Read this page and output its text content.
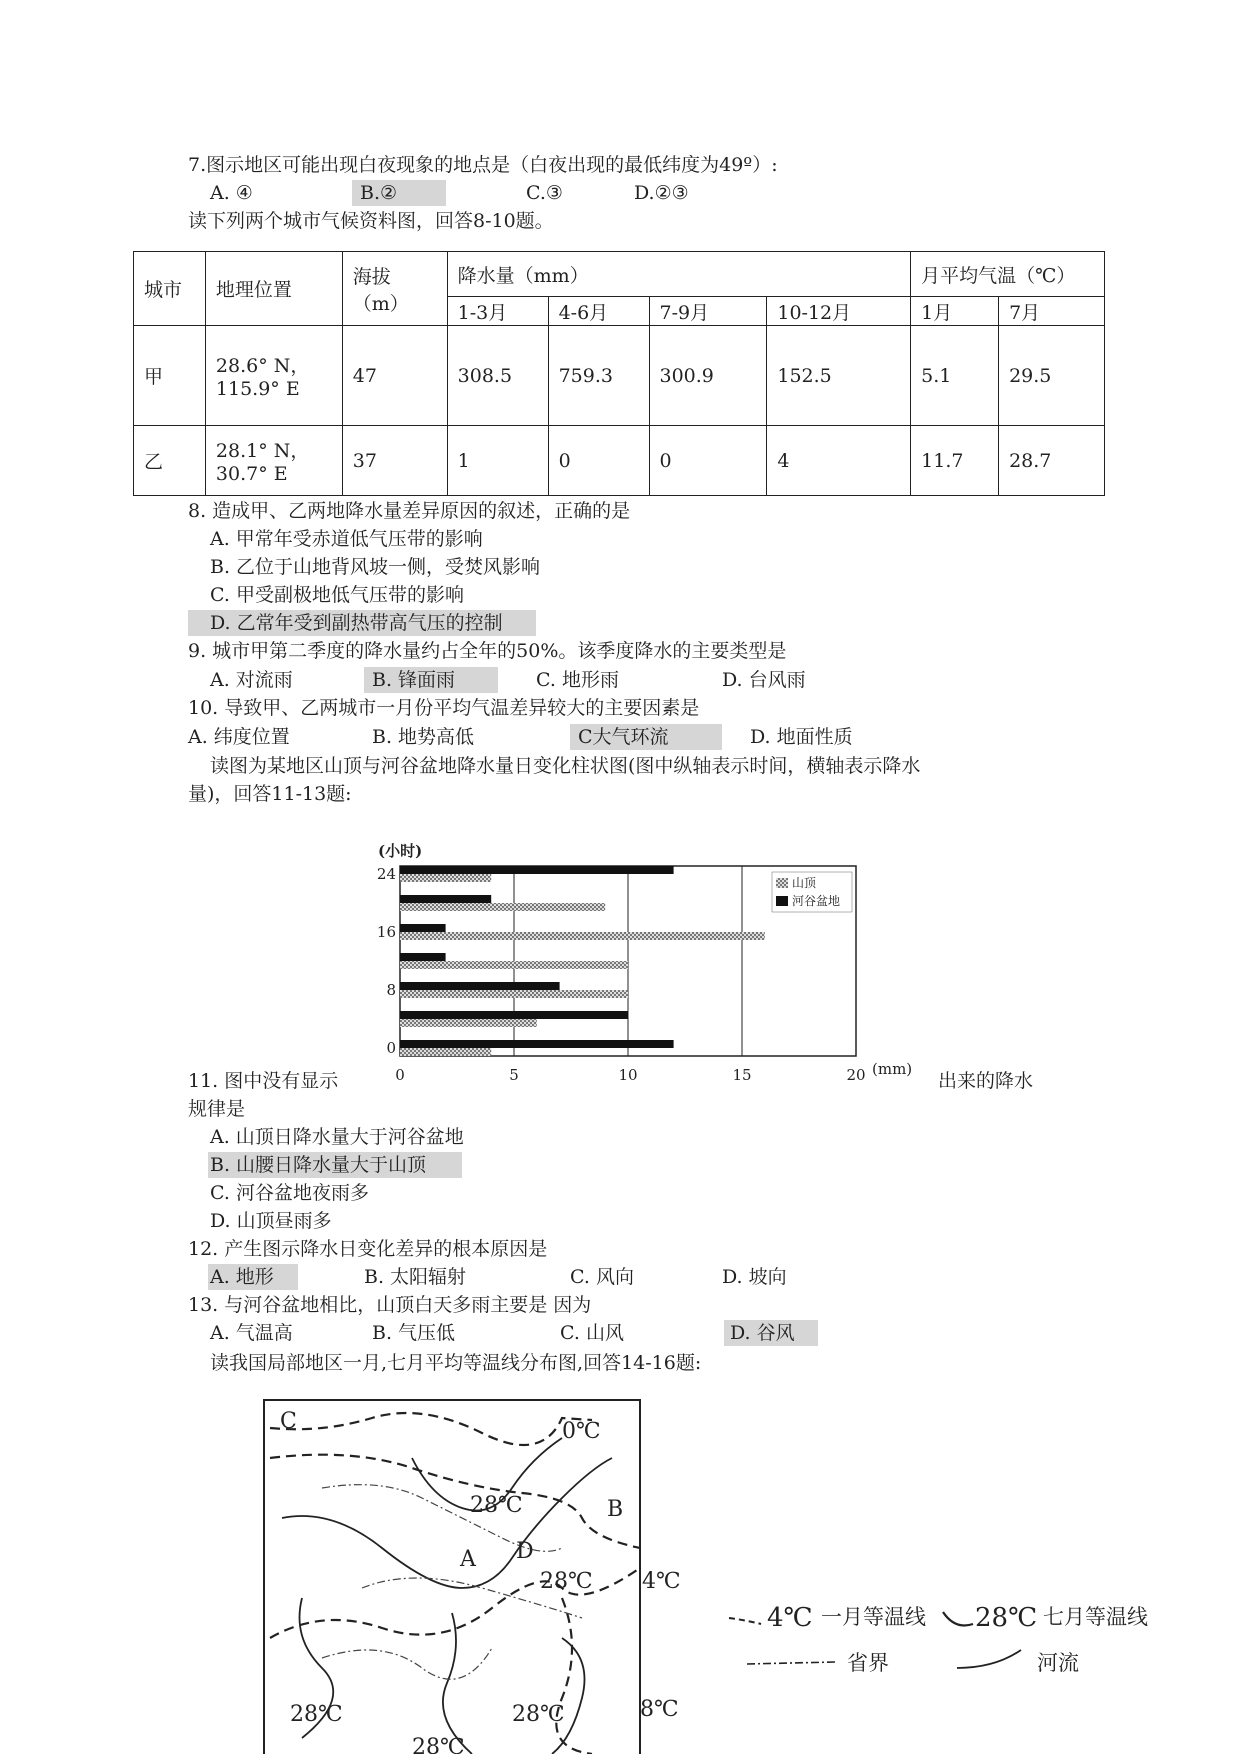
7.图示地区可能出现白夜现象的地点是（白夜出现的最低纬度为49º）:
A. ④	B.②	C.③	D.②③
读下列两个城市气候资料图，回答8-10题。
城市	地理位置	海拔
（m）	降水量（mm）				月平均气温（℃）	
			1-3月	4-6月	7-9月	10-12月	1月	7月
甲	28.6° N，
115.9° E	47	308.5	759.3	300.9	152.5	5.1	29.5
乙	28.1° N，
30.7° E	37	1	0	0	4	11.7	28.7
8. 造成甲、乙两地降水量差异原因的叙述，正确的是
A. 甲常年受赤道低气压带的影响
B. 乙位于山地背风坡一侧，受焚风影响
C. 甲受副极地低气压带的影响
D. 乙常年受到副热带高气压的控制
9. 城市甲第二季度的降水量约占全年的50%。该季度降水的主要类型是
A. 对流雨	B. 锋面雨	C. 地形雨	D. 台风雨
10. 导致甲、乙两城市一月份平均气温差异较大的主要因素是
A. 纬度位置	B. 地势高低	C大气环流	D. 地面性质
读图为某地区山顶与河谷盆地降水量日变化柱状图(图中纵轴表示时间，横轴表示降水
量)，回答11-13题:
(小时)
0	5	10	15	20
0
8
16
24	山顶
河谷盆地
(mm)
11. 图中没有显示	出来的降水
规律是
A. 山顶日降水量大于河谷盆地
B. 山腰日降水量大于山顶
C. 河谷盆地夜雨多
D. 山顶昼雨多
12. 产生图示降水日变化差异的根本原因是
A. 地形	B. 太阳辐射	C. 风向	D. 坡向
13. 与河谷盆地相比，山顶白天多雨主要是 因为
A. 气温高	B. 气压低	C. 山风	D. 谷风
读我国局部地区一月,七月平均等温线分布图,回答14-16题:
0℃
28℃	B
A D
28℃ 4℃
28℃	28℃	8℃
28℃
C
4℃ 一月等温线 28℃ 七月等温线
省界	河流
